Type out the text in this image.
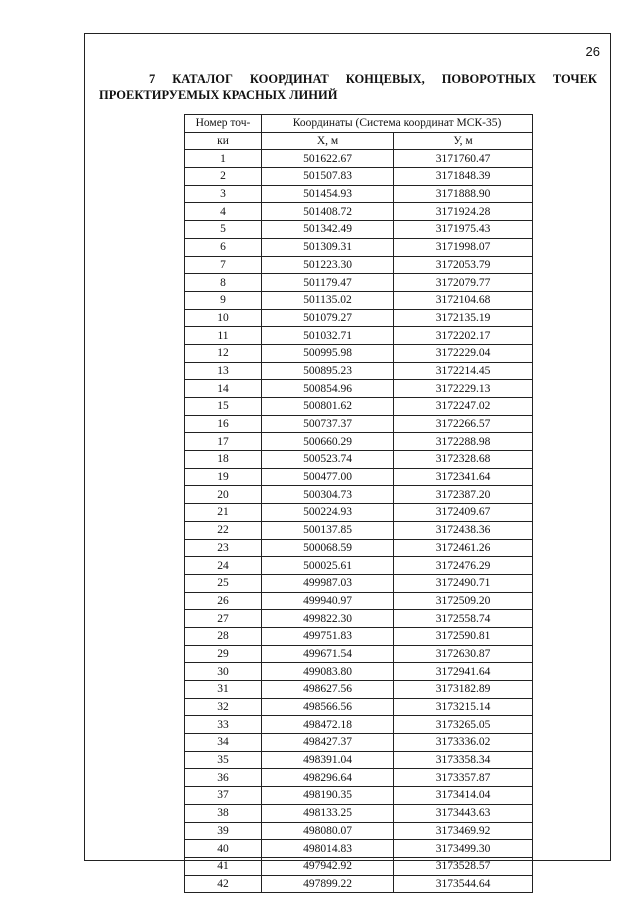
26
7 КАТАЛОГ КООРДИНАТ КОНЦЕВЫХ, ПОВОРОТНЫХ ТОЧЕК
ПРОЕКТИРУЕМЫХ КРАСНЫХ ЛИНИЙ
Номер точ-	Координаты (Система координат МСК-35)	
ки	X, м	У, м
1	501622.67	3171760.47
2	501507.83	3171848.39
3	501454.93	3171888.90
4	501408.72	3171924.28
5	501342.49	3171975.43
6	501309.31	3171998.07
7	501223.30	3172053.79
8	501179.47	3172079.77
9	501135.02	3172104.68
10	501079.27	3172135.19
11	501032.71	3172202.17
12	500995.98	3172229.04
13	500895.23	3172214.45
14	500854.96	3172229.13
15	500801.62	3172247.02
16	500737.37	3172266.57
17	500660.29	3172288.98
18	500523.74	3172328.68
19	500477.00	3172341.64
20	500304.73	3172387.20
21	500224.93	3172409.67
22	500137.85	3172438.36
23	500068.59	3172461.26
24	500025.61	3172476.29
25	499987.03	3172490.71
26	499940.97	3172509.20
27	499822.30	3172558.74
28	499751.83	3172590.81
29	499671.54	3172630.87
30	499083.80	3172941.64
31	498627.56	3173182.89
32	498566.56	3173215.14
33	498472.18	3173265.05
34	498427.37	3173336.02
35	498391.04	3173358.34
36	498296.64	3173357.87
37	498190.35	3173414.04
38	498133.25	3173443.63
39	498080.07	3173469.92
40	498014.83	3173499.30
41	497942.92	3173528.57
42	497899.22	3173544.64
